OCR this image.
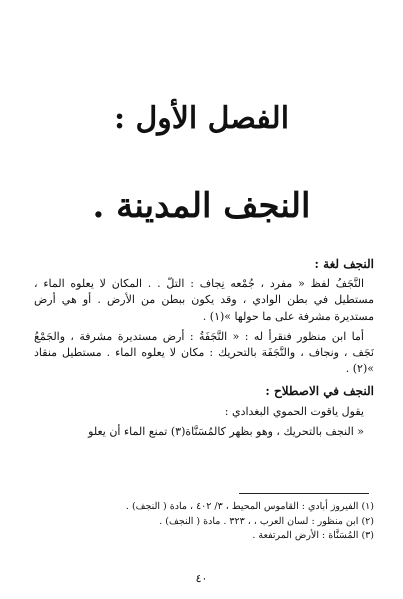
الفصل الأول :
النجف المدينة .

النجف لغة :

النَّجَفُ لفظ « مفرد ، جُمْعه نِجاف : التلّ . . المكان لا يعلوه الماء ، مستطيل في بطن الوادي ، وقد يكون ببطن من الأرض . أو هي أرض مستديرة مشرفة على ما حولها »(١) .

أما ابن منظور فنقرأ له : « النَّجَفَةُ : أرض مستديرة مشرفة ، والجَمْعُ نَجَف ، ونجاف ، والنَّجَفَة بالتحريك : مكان لا يعلوه الماء . مستطيل منقاد »(٢) .

النجف في الاصطلاح :

يقول ياقوت الحموي البغدادي :

« النجف بالتحريك ، وهو بظهر كالمُسَنَّاة(٣) تمنع الماء أن يعلو

(١) الفيروز أبادي : القاموس المحيط ، ٣/ ٤٠٢ ، مادة ( النجف) .

(٢) ابن منظور : لسان العرب ، ، ٣٢٣ . مادة ( النجف) .

(٣) المُسَنَّاة : الأرض المرتفعة .

٤٠
